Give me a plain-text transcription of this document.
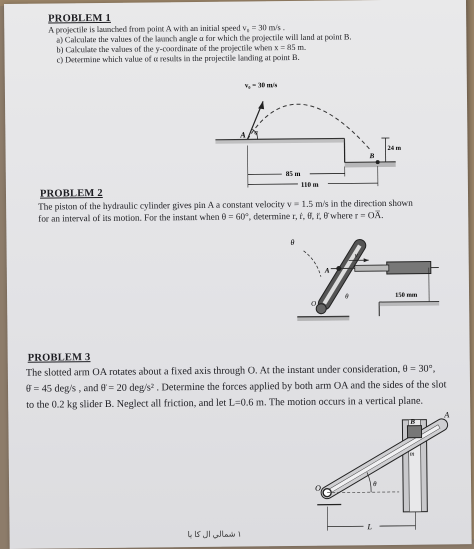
PROBLEM 1
A projectile is launched from point A with an initial speed v₀ = 30 m/s .
a) Calculate the values of the launch angle α for which the projectile will land at point B.
b) Calculate the values of the y-coordinate of the projectile when x = 85 m.
c) Determine which value of α results in the projectile landing at point B.
v₀ = 30 m/s
A α
B
24 m
85 m
110 m
PROBLEM 2
The piston of the hydraulic cylinder gives pin A a constant velocity v = 1.5 m/s in the direction shown
for an interval of its motion. For the instant when θ = 60°, determine r, ṙ, θ̇, r̈, θ̈ where r = OA̅.
θ
A
v
O
θ	150 mm
PROBLEM 3
The slotted arm OA rotates about a fixed axis through O. At the instant under consideration, θ = 30°,
θ̇ = 45 deg/s , and θ̈ = 20 deg/s² . Determine the forces applied by both arm OA and the sides of the slot
to the 0.2 kg slider B. Neglect all friction, and let L=0.6 m. The motion occurs in a vertical plane.
A
B
m
O	θ
L
١ شمالي ال کا یا
